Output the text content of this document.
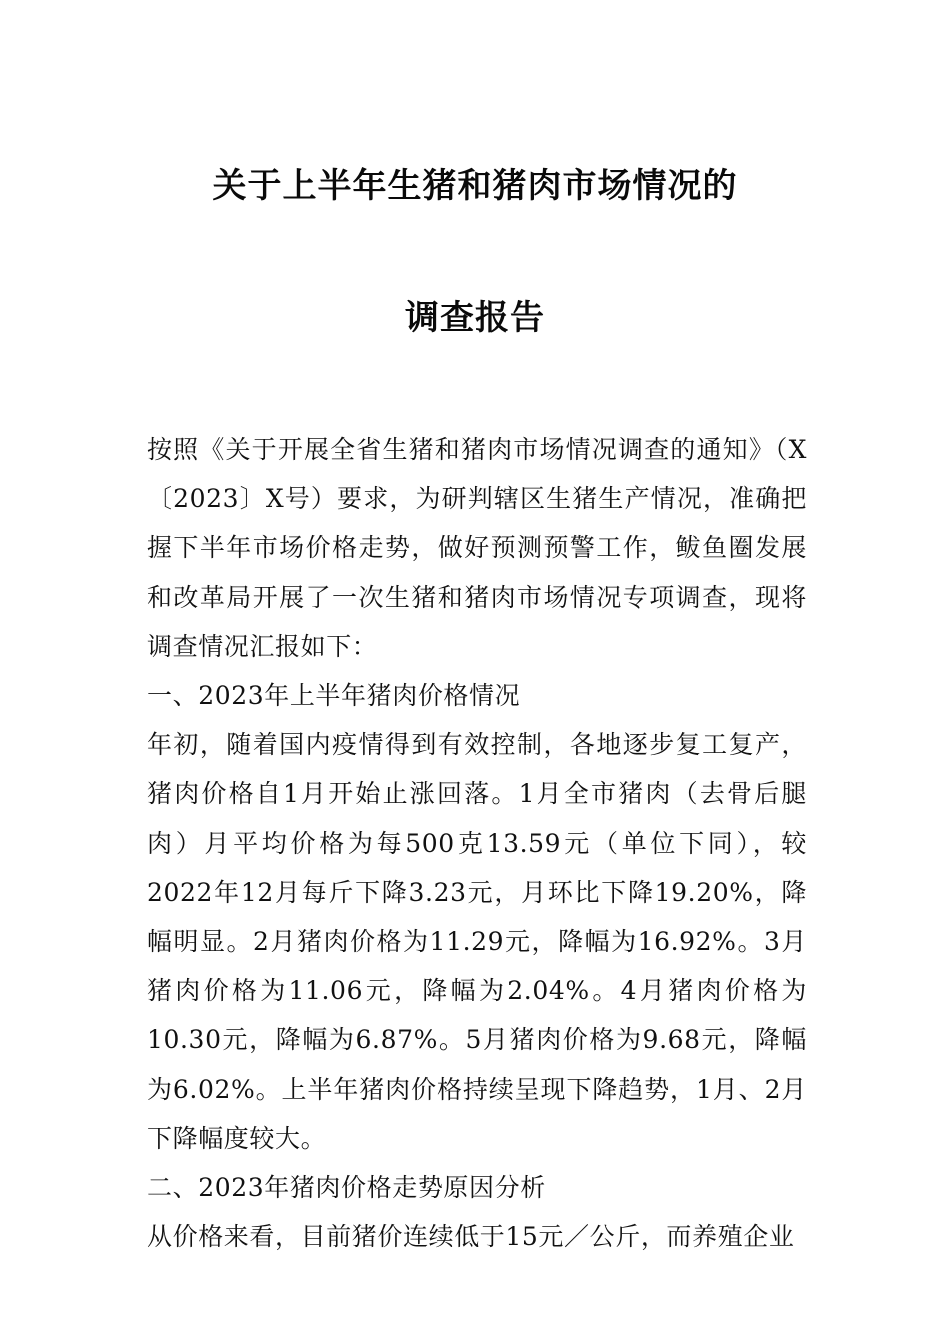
关于上半年生猪和猪肉市场情况的
调查报告

按照《关于开展全省生猪和猪肉市场情况调查的通知》（X〔2023〕X号）要求，为研判辖区生猪生产情况，准确把握下半年市场价格走势，做好预测预警工作，鲅鱼圈发展和改革局开展了一次生猪和猪肉市场情况专项调查，现将调查情况汇报如下：

一、2023年上半年猪肉价格情况

年初，随着国内疫情得到有效控制，各地逐步复工复产，猪肉价格自1月开始止涨回落。1月全市猪肉（去骨后腿肉）月平均价格为每500克13.59元（单位下同），较2022年12月每斤下降3.23元，月环比下降19.20%，降幅明显。2月猪肉价格为11.29元，降幅为16.92%。3月猪肉价格为11.06元，降幅为2.04%。4月猪肉价格为10.30元，降幅为6.87%。5月猪肉价格为9.68元，降幅为6.02%。上半年猪肉价格持续呈现下降趋势，1月、2月下降幅度较大。

二、2023年猪肉价格走势原因分析

从价格来看，目前猪价连续低于15元／公斤，而养殖企业
